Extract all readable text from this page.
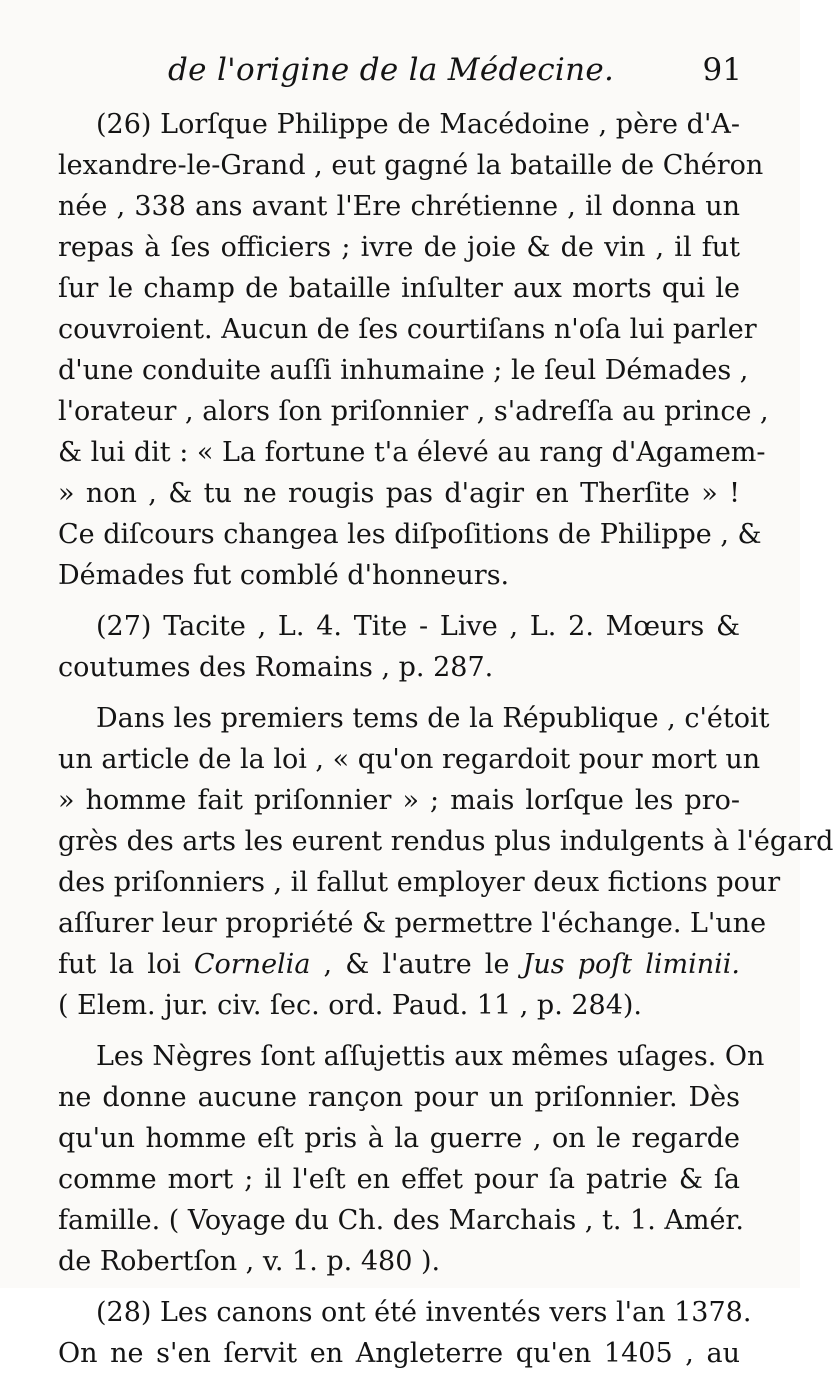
de l'origine de la Médecine.	91
(26) Lorſque Philippe de Macédoine , père d'A-
lexandre-le-Grand , eut gagné la bataille de Chéron
née , 338 ans avant l'Ere chrétienne , il donna un
repas à ſes officiers ; ivre de joie & de vin , il fut
ſur le champ de bataille inſulter aux morts qui le
couvroient. Aucun de ſes courtiſans n'oſa lui parler
d'une conduite auſſi inhumaine ; le ſeul Démades ,
l'orateur , alors ſon priſonnier , s'adreſſa au prince ,
& lui dit : « La fortune t'a élevé au rang d'Agamem-
» non , & tu ne rougis pas d'agir en Therſite » !
Ce diſcours changea les diſpoſitions de Philippe , &
Démades fut comblé d'honneurs.
(27) Tacite , L. 4. Tite - Live , L. 2. Mœurs &
coutumes des Romains , p. 287.
Dans les premiers tems de la République , c'étoit
un article de la loi , « qu'on regardoit pour mort un
» homme fait priſonnier » ; mais lorſque les pro-
grès des arts les eurent rendus plus indulgents à l'égard
des priſonniers , il fallut employer deux fictions pour
aſſurer leur propriété & permettre l'échange. L'une
fut la loi Cornelia , & l'autre le Jus poſt liminii.
( Elem. jur. civ. ſec. ord. Paud. 11 , p. 284).
Les Nègres ſont aſſujettis aux mêmes uſages. On
ne donne aucune rançon pour un priſonnier. Dès
qu'un homme eſt pris à la guerre , on le regarde
comme mort ; il l'eſt en effet pour ſa patrie & ſa
famille. ( Voyage du Ch. des Marchais , t. 1. Amér.
de Robertſon , v. 1. p. 480 ).
(28) Les canons ont été inventés vers l'an 1378.
On ne s'en ſervit en Angleterre qu'en 1405 , au
